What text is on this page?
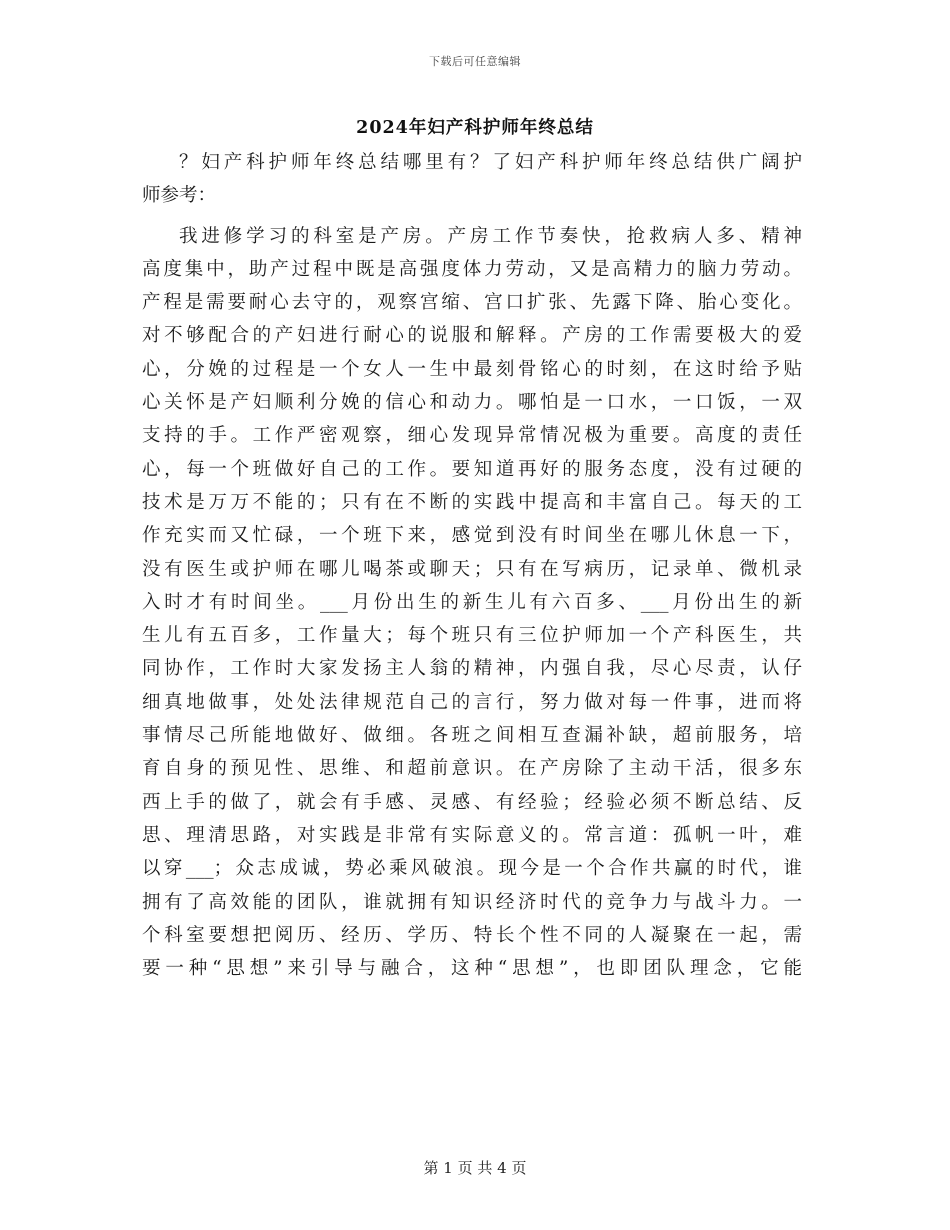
下载后可任意编辑
2024年妇产科护师年终总结
？妇产科护师年终总结哪里有？了妇产科护师年终总结供广阔护
师参考：
我进修学习的科室是产房。产房工作节奏快，抢救病人多、精神
高度集中，助产过程中既是高强度体力劳动，又是高精力的脑力劳动。
产程是需要耐心去守的，观察宫缩、宫口扩张、先露下降、胎心变化。
对不够配合的产妇进行耐心的说服和解释。产房的工作需要极大的爱
心，分娩的过程是一个女人一生中最刻骨铭心的时刻，在这时给予贴
心关怀是产妇顺利分娩的信心和动力。哪怕是一口水，一口饭，一双
支持的手。工作严密观察，细心发现异常情况极为重要。高度的责任
心，每一个班做好自己的工作。要知道再好的服务态度，没有过硬的
技术是万万不能的；只有在不断的实践中提高和丰富自己。每天的工
作充实而又忙碌，一个班下来，感觉到没有时间坐在哪儿休息一下，
没有医生或护师在哪儿喝茶或聊天；只有在写病历，记录单、微机录
入时才有时间坐。___月份出生的新生儿有六百多、___月份出生的新
生儿有五百多，工作量大；每个班只有三位护师加一个产科医生，共
同协作，工作时大家发扬主人翁的精神，内强自我，尽心尽责，认仔
细真地做事，处处法律规范自己的言行，努力做对每一件事，进而将
事情尽己所能地做好、做细。各班之间相互查漏补缺，超前服务，培
育自身的预见性、思维、和超前意识。在产房除了主动干活，很多东
西上手的做了，就会有手感、灵感、有经验；经验必须不断总结、反
思、理清思路，对实践是非常有实际意义的。常言道：孤帆一叶，难
以穿___；众志成诚，势必乘风破浪。现今是一个合作共赢的时代，谁
拥有了高效能的团队，谁就拥有知识经济时代的竞争力与战斗力。一
个科室要想把阅历、经历、学历、特长个性不同的人凝聚在一起，需
要一种“思想”来引导与融合，这种“思想”，也即团队理念，它能
第 1 页 共 4 页
